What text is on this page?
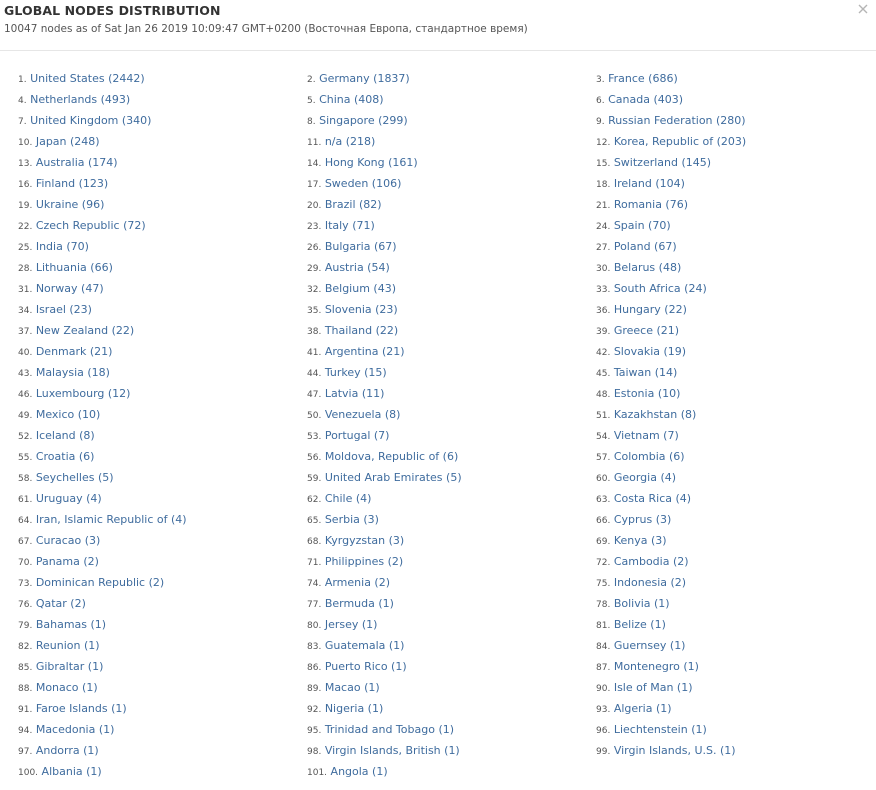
GLOBAL NODES DISTRIBUTION
10047 nodes as of Sat Jan 26 2019 10:09:47 GMT+0200 (Восточная Европа, стандартное время)
1. United States (2442)	2. Germany (1837)	3. France (686)
4. Netherlands (493)	5. China (408)	6. Canada (403)
7. United Kingdom (340)	8. Singapore (299)	9. Russian Federation (280)
10. Japan (248)	11. n/a (218)	12. Korea, Republic of (203)
13. Australia (174)	14. Hong Kong (161)	15. Switzerland (145)
16. Finland (123)	17. Sweden (106)	18. Ireland (104)
19. Ukraine (96)	20. Brazil (82)	21. Romania (76)
22. Czech Republic (72)	23. Italy (71)	24. Spain (70)
25. India (70)	26. Bulgaria (67)	27. Poland (67)
28. Lithuania (66)	29. Austria (54)	30. Belarus (48)
31. Norway (47)	32. Belgium (43)	33. South Africa (24)
34. Israel (23)	35. Slovenia (23)	36. Hungary (22)
37. New Zealand (22)	38. Thailand (22)	39. Greece (21)
40. Denmark (21)	41. Argentina (21)	42. Slovakia (19)
43. Malaysia (18)	44. Turkey (15)	45. Taiwan (14)
46. Luxembourg (12)	47. Latvia (11)	48. Estonia (10)
49. Mexico (10)	50. Venezuela (8)	51. Kazakhstan (8)
52. Iceland (8)	53. Portugal (7)	54. Vietnam (7)
55. Croatia (6)	56. Moldova, Republic of (6)	57. Colombia (6)
58. Seychelles (5)	59. United Arab Emirates (5)	60. Georgia (4)
61. Uruguay (4)	62. Chile (4)	63. Costa Rica (4)
64. Iran, Islamic Republic of (4)	65. Serbia (3)	66. Cyprus (3)
67. Curacao (3)	68. Kyrgyzstan (3)	69. Kenya (3)
70. Panama (2)	71. Philippines (2)	72. Cambodia (2)
73. Dominican Republic (2)	74. Armenia (2)	75. Indonesia (2)
76. Qatar (2)	77. Bermuda (1)	78. Bolivia (1)
79. Bahamas (1)	80. Jersey (1)	81. Belize (1)
82. Reunion (1)	83. Guatemala (1)	84. Guernsey (1)
85. Gibraltar (1)	86. Puerto Rico (1)	87. Montenegro (1)
88. Monaco (1)	89. Macao (1)	90. Isle of Man (1)
91. Faroe Islands (1)	92. Nigeria (1)	93. Algeria (1)
94. Macedonia (1)	95. Trinidad and Tobago (1)	96. Liechtenstein (1)
97. Andorra (1)	98. Virgin Islands, British (1)	99. Virgin Islands, U.S. (1)
100. Albania (1)	101. Angola (1)
